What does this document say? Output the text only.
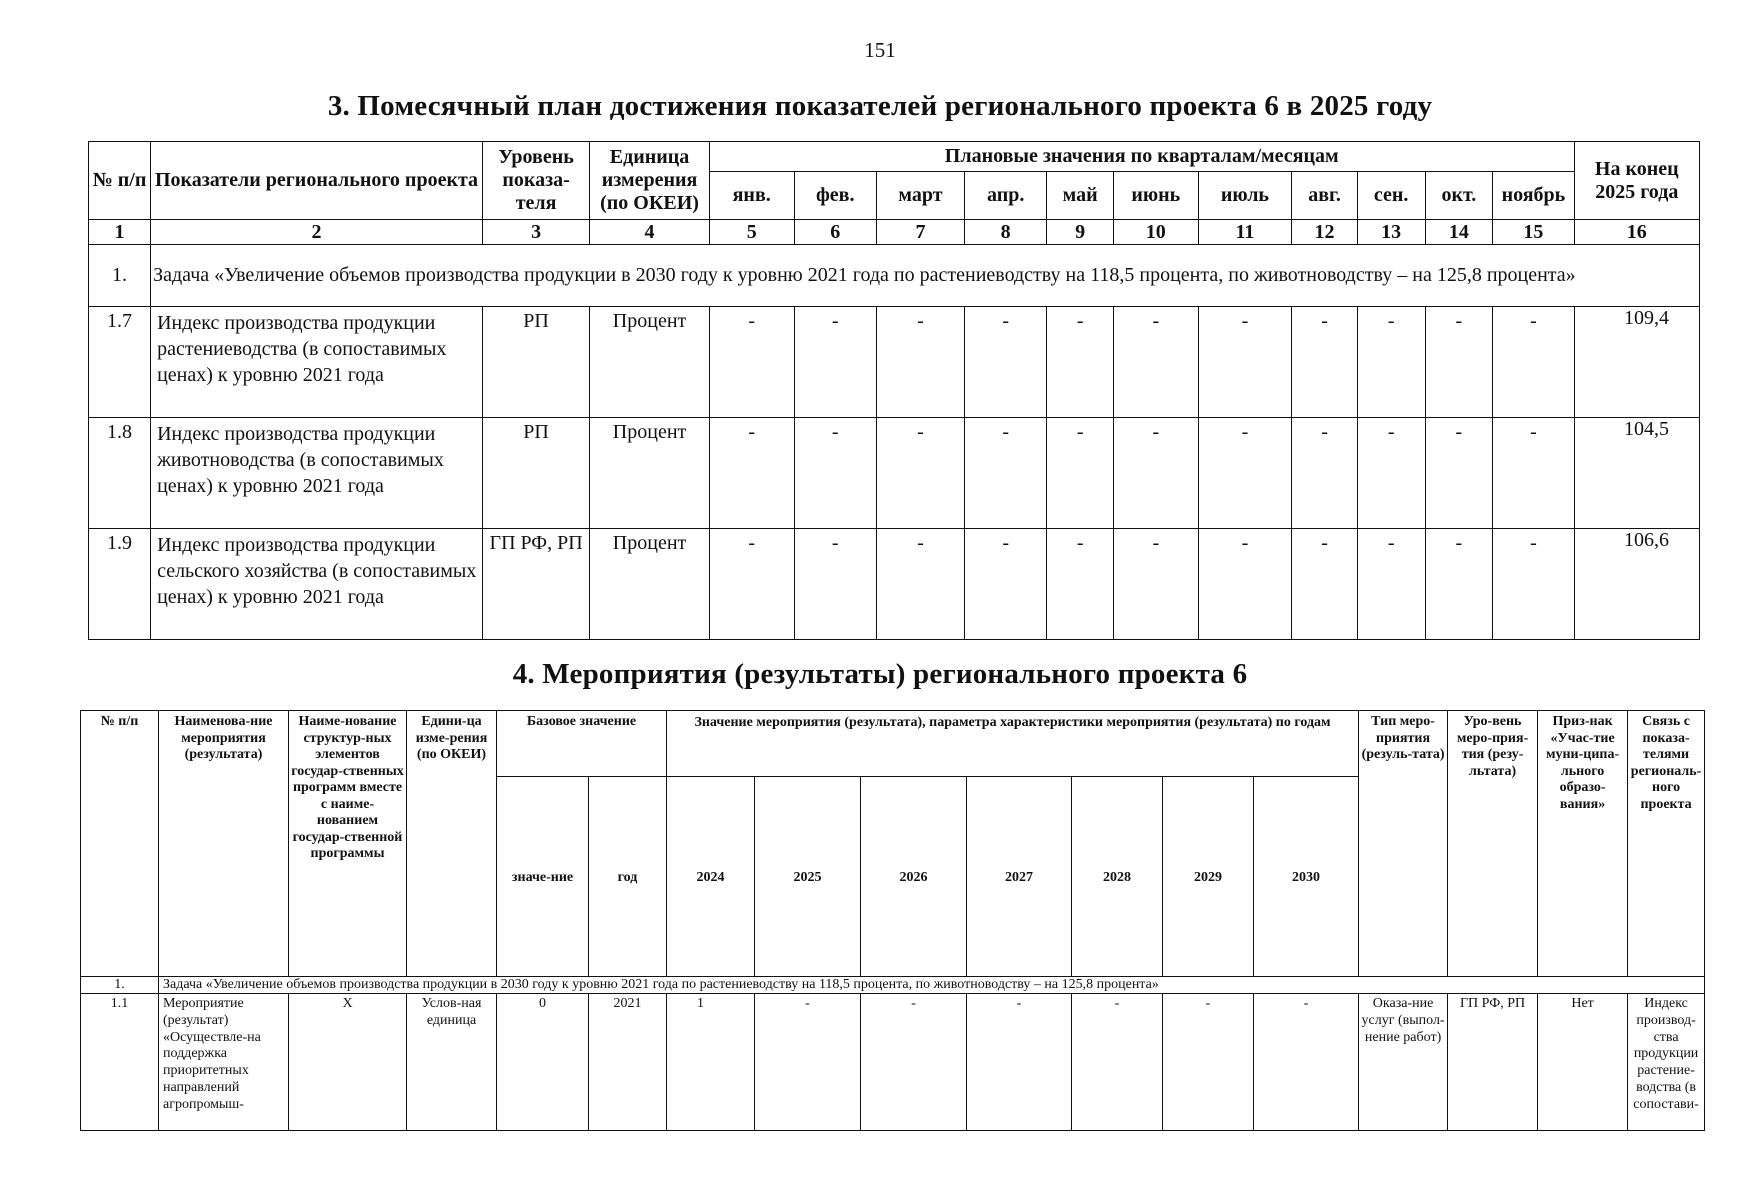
151
3. Помесячный план достижения показателей регионального проекта 6 в 2025 году
№ п/п	Показатели регионального проекта	Уровень показа-теля	Единица измерения (по ОКЕИ)	Плановые значения по кварталам/месяцам											На конец 2025 года
				янв.	фев.	март	апр.	май	июнь	июль	авг.	сен.	окт.	ноябрь	
1	2	3	4	5	6	7	8	9	10	11	12	13	14	15	16
1.	Задача «Увеличение объемов производства продукции в 2030 году к уровню 2021 года по растениеводству на 118,5 процента, по животноводству – на 125,8 процента»														
1.7	Индекс производства продукции растениеводства (в сопоставимых ценах) к уровню 2021 года	РП	Процент	-	-	-	-	-	-	-	-	-	-	-	109,4
1.8	Индекс производства продукции животноводства (в сопоставимых ценах) к уровню 2021 года	РП	Процент	-	-	-	-	-	-	-	-	-	-	-	104,5
1.9	Индекс производства продукции сельского хозяйства (в сопоставимых ценах) к уровню 2021 года	ГП РФ, РП	Процент	-	-	-	-	-	-	-	-	-	-	-	106,6
4. Мероприятия (результаты) регионального проекта 6
№ п/п	Наименова-ние мероприятия (результата)	Наиме-нование структур-ных элементов государ-ственных программ вместе с наиме-нованием государ-ственной программы	Едини-ца изме-рения (по ОКЕИ)	Базовое значение		Значение мероприятия (результата), параметра характеристики мероприятия (результата) по годам							Тип меро-приятия (резуль-тата)	Уро-вень меро-прия-тия (резу-льтата)	Приз-нак «Учас-тие муни-ципа-льного образо-вания»	Связь с показа-телями региональ-ного проекта
				значе-ние	год	2024	2025	2026	2027	2028	2029	2030				
1.	Задача «Увеличение объемов производства продукции в 2030 году к уровню 2021 года по растениеводству на 118,5 процента, по животноводству – на 125,8 процента»															
1.1	Мероприятие (результат) «Осуществле-на поддержка приоритетных направлений агропромыш-	Х	Услов-ная единица	0	2021	1	-	-	-	-	-	-	Оказа-ние услуг (выпол-нение работ)	ГП РФ, РП	Нет	Индекс производ-ства продукции растение-водства (в сопостави-
